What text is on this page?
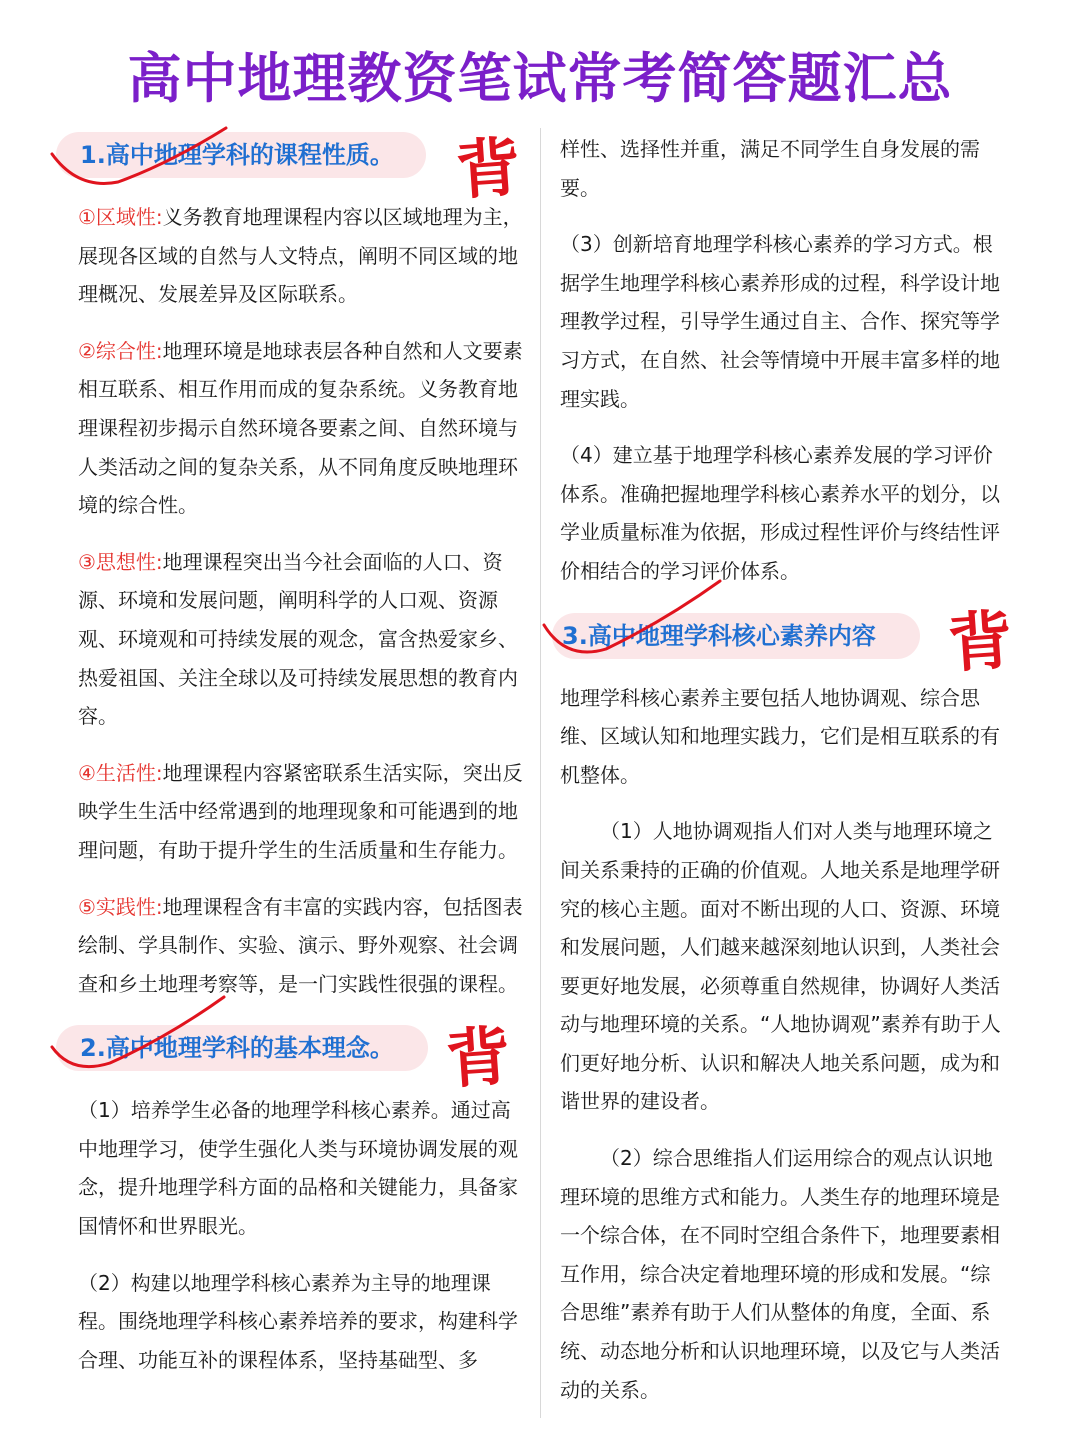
高中地理教资笔试常考简答题汇总
1.高中地理学科的课程性质。 背

①区域性:义务教育地理课程内容以区域地理为主，展现各区域的自然与人文特点，阐明不同区域的地理概况、发展差异及区际联系。

②综合性:地理环境是地球表层各种自然和人文要素相互联系、相互作用而成的复杂系统。义务教育地理课程初步揭示自然环境各要素之间、自然环境与人类活动之间的复杂关系，从不同角度反映地理环境的综合性。

③思想性:地理课程突出当今社会面临的人口、资源、环境和发展问题，阐明科学的人口观、资源观、环境观和可持续发展的观念，富含热爱家乡、热爱祖国、关注全球以及可持续发展思想的教育内容。

④生活性:地理课程内容紧密联系生活实际，突出反映学生生活中经常遇到的地理现象和可能遇到的地理问题，有助于提升学生的生活质量和生存能力。

⑤实践性:地理课程含有丰富的实践内容，包括图表绘制、学具制作、实验、演示、野外观察、社会调查和乡土地理考察等，是一门实践性很强的课程。

2.高中地理学科的基本理念。 背

（1）培养学生必备的地理学科核心素养。通过高中地理学习，使学生强化人类与环境协调发展的观念，提升地理学科方面的品格和关键能力，具备家国情怀和世界眼光。

（2）构建以地理学科核心素养为主导的地理课程。围绕地理学科核心素养培养的要求，构建科学合理、功能互补的课程体系，坚持基础型、多

样性、选择性并重，满足不同学生自身发展的需要。

（3）创新培育地理学科核心素养的学习方式。根据学生地理学科核心素养形成的过程，科学设计地理教学过程，引导学生通过自主、合作、探究等学习方式，在自然、社会等情境中开展丰富多样的地理实践。

（4）建立基于地理学科核心素养发展的学习评价体系。准确把握地理学科核心素养水平的划分，以学业质量标准为依据，形成过程性评价与终结性评价相结合的学习评价体系。

3.高中地理学科核心素养内容 背

地理学科核心素养主要包括人地协调观、综合思维、区域认知和地理实践力，它们是相互联系的有机整体。

（1）人地协调观指人们对人类与地理环境之间关系秉持的正确的价值观。人地关系是地理学研究的核心主题。面对不断出现的人口、资源、环境和发展问题，人们越来越深刻地认识到，人类社会要更好地发展，必须尊重自然规律，协调好人类活动与地理环境的关系。“人地协调观”素养有助于人们更好地分析、认识和解决人地关系问题，成为和谐世界的建设者。

（2）综合思维指人们运用综合的观点认识地理环境的思维方式和能力。人类生存的地理环境是一个综合体，在不同时空组合条件下，地理要素相互作用，综合决定着地理环境的形成和发展。“综合思维”素养有助于人们从整体的角度，全面、系统、动态地分析和认识地理环境，以及它与人类活动的关系。
